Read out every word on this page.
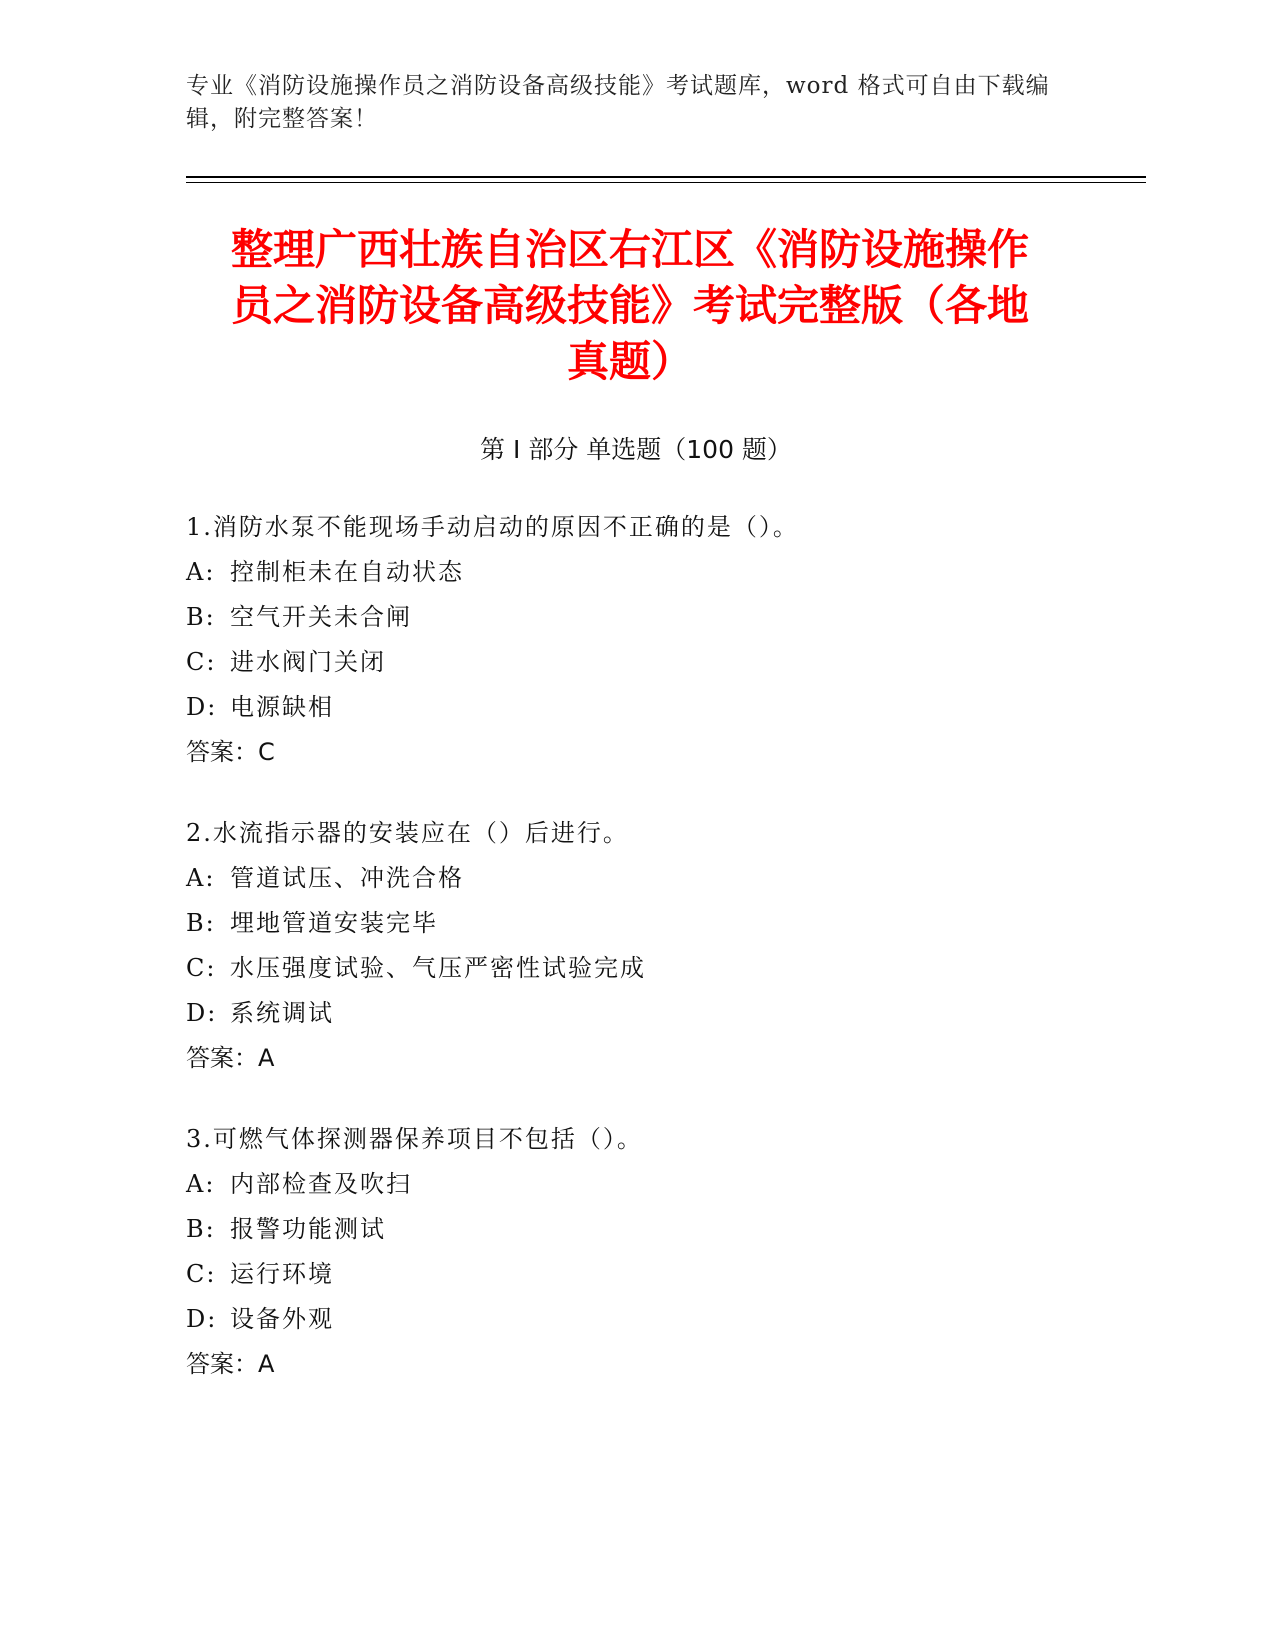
专业《消防设施操作员之消防设备高级技能》考试题库，word 格式可自由下载编
辑，附完整答案！
整理广西壮族自治区右江区《消防设施操作
员之消防设备高级技能》考试完整版（各地
真题）
第 I 部分 单选题（100 题）
1.消防水泵不能现场手动启动的原因不正确的是（）。
A: 控制柜未在自动状态
B: 空气开关未合闸
C: 进水阀门关闭
D: 电源缺相
答案：C
2.水流指示器的安装应在（）后进行。
A: 管道试压、冲洗合格
B: 埋地管道安装完毕
C: 水压强度试验、气压严密性试验完成
D: 系统调试
答案：A
3.可燃气体探测器保养项目不包括（）。
A: 内部检查及吹扫
B: 报警功能测试
C: 运行环境
D: 设备外观
答案：A
